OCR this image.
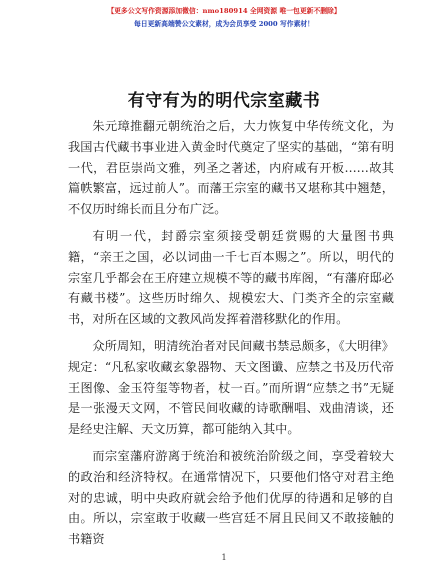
【更多公文写作资源添加微信：nmo180914 全网资源 唯一包更新不删除】
每日更新高端赞公文素材，成为会员享受 2000 写作素材！
有守有为的明代宗室藏书

朱元璋推翻元朝统治之后，大力恢复中华传统文化，为我国古代藏书事业进入黄金时代奠定了坚实的基础，“第有明一代，君臣崇尚文雅，列圣之著述，内府咸有开板……故其篇帙繁富，远过前人”。而藩王宗室的藏书又堪称其中翘楚，不仅历时绵长而且分布广泛。

有明一代，封爵宗室须接受朝廷赏赐的大量图书典籍，“亲王之国，必以词曲一千七百本赐之”。所以，明代的宗室几乎都会在王府建立规模不等的藏书库阁，“有藩府邸必有藏书楼”。这些历时绵久、规模宏大、门类齐全的宗室藏书，对所在区域的文教风尚发挥着潜移默化的作用。

众所周知，明清统治者对民间藏书禁忌颇多，《大明律》规定：“凡私家收藏玄象器物、天文图谶、应禁之书及历代帝王图像、金玉符玺等物者，杖一百。”而所谓“应禁之书”无疑是一张漫天文网，不管民间收藏的诗歌酬唱、戏曲清谈，还是经史注解、天文历算，都可能纳入其中。

而宗室藩府游离于统治和被统治阶级之间，享受着较大的政治和经济特权。在通常情况下，只要他们恪守对君主绝对的忠诚，明中央政府就会给予他们优厚的待遇和足够的自由。所以，宗室敢于收藏一些宫廷不屑且民间又不敢接触的书籍资

1
